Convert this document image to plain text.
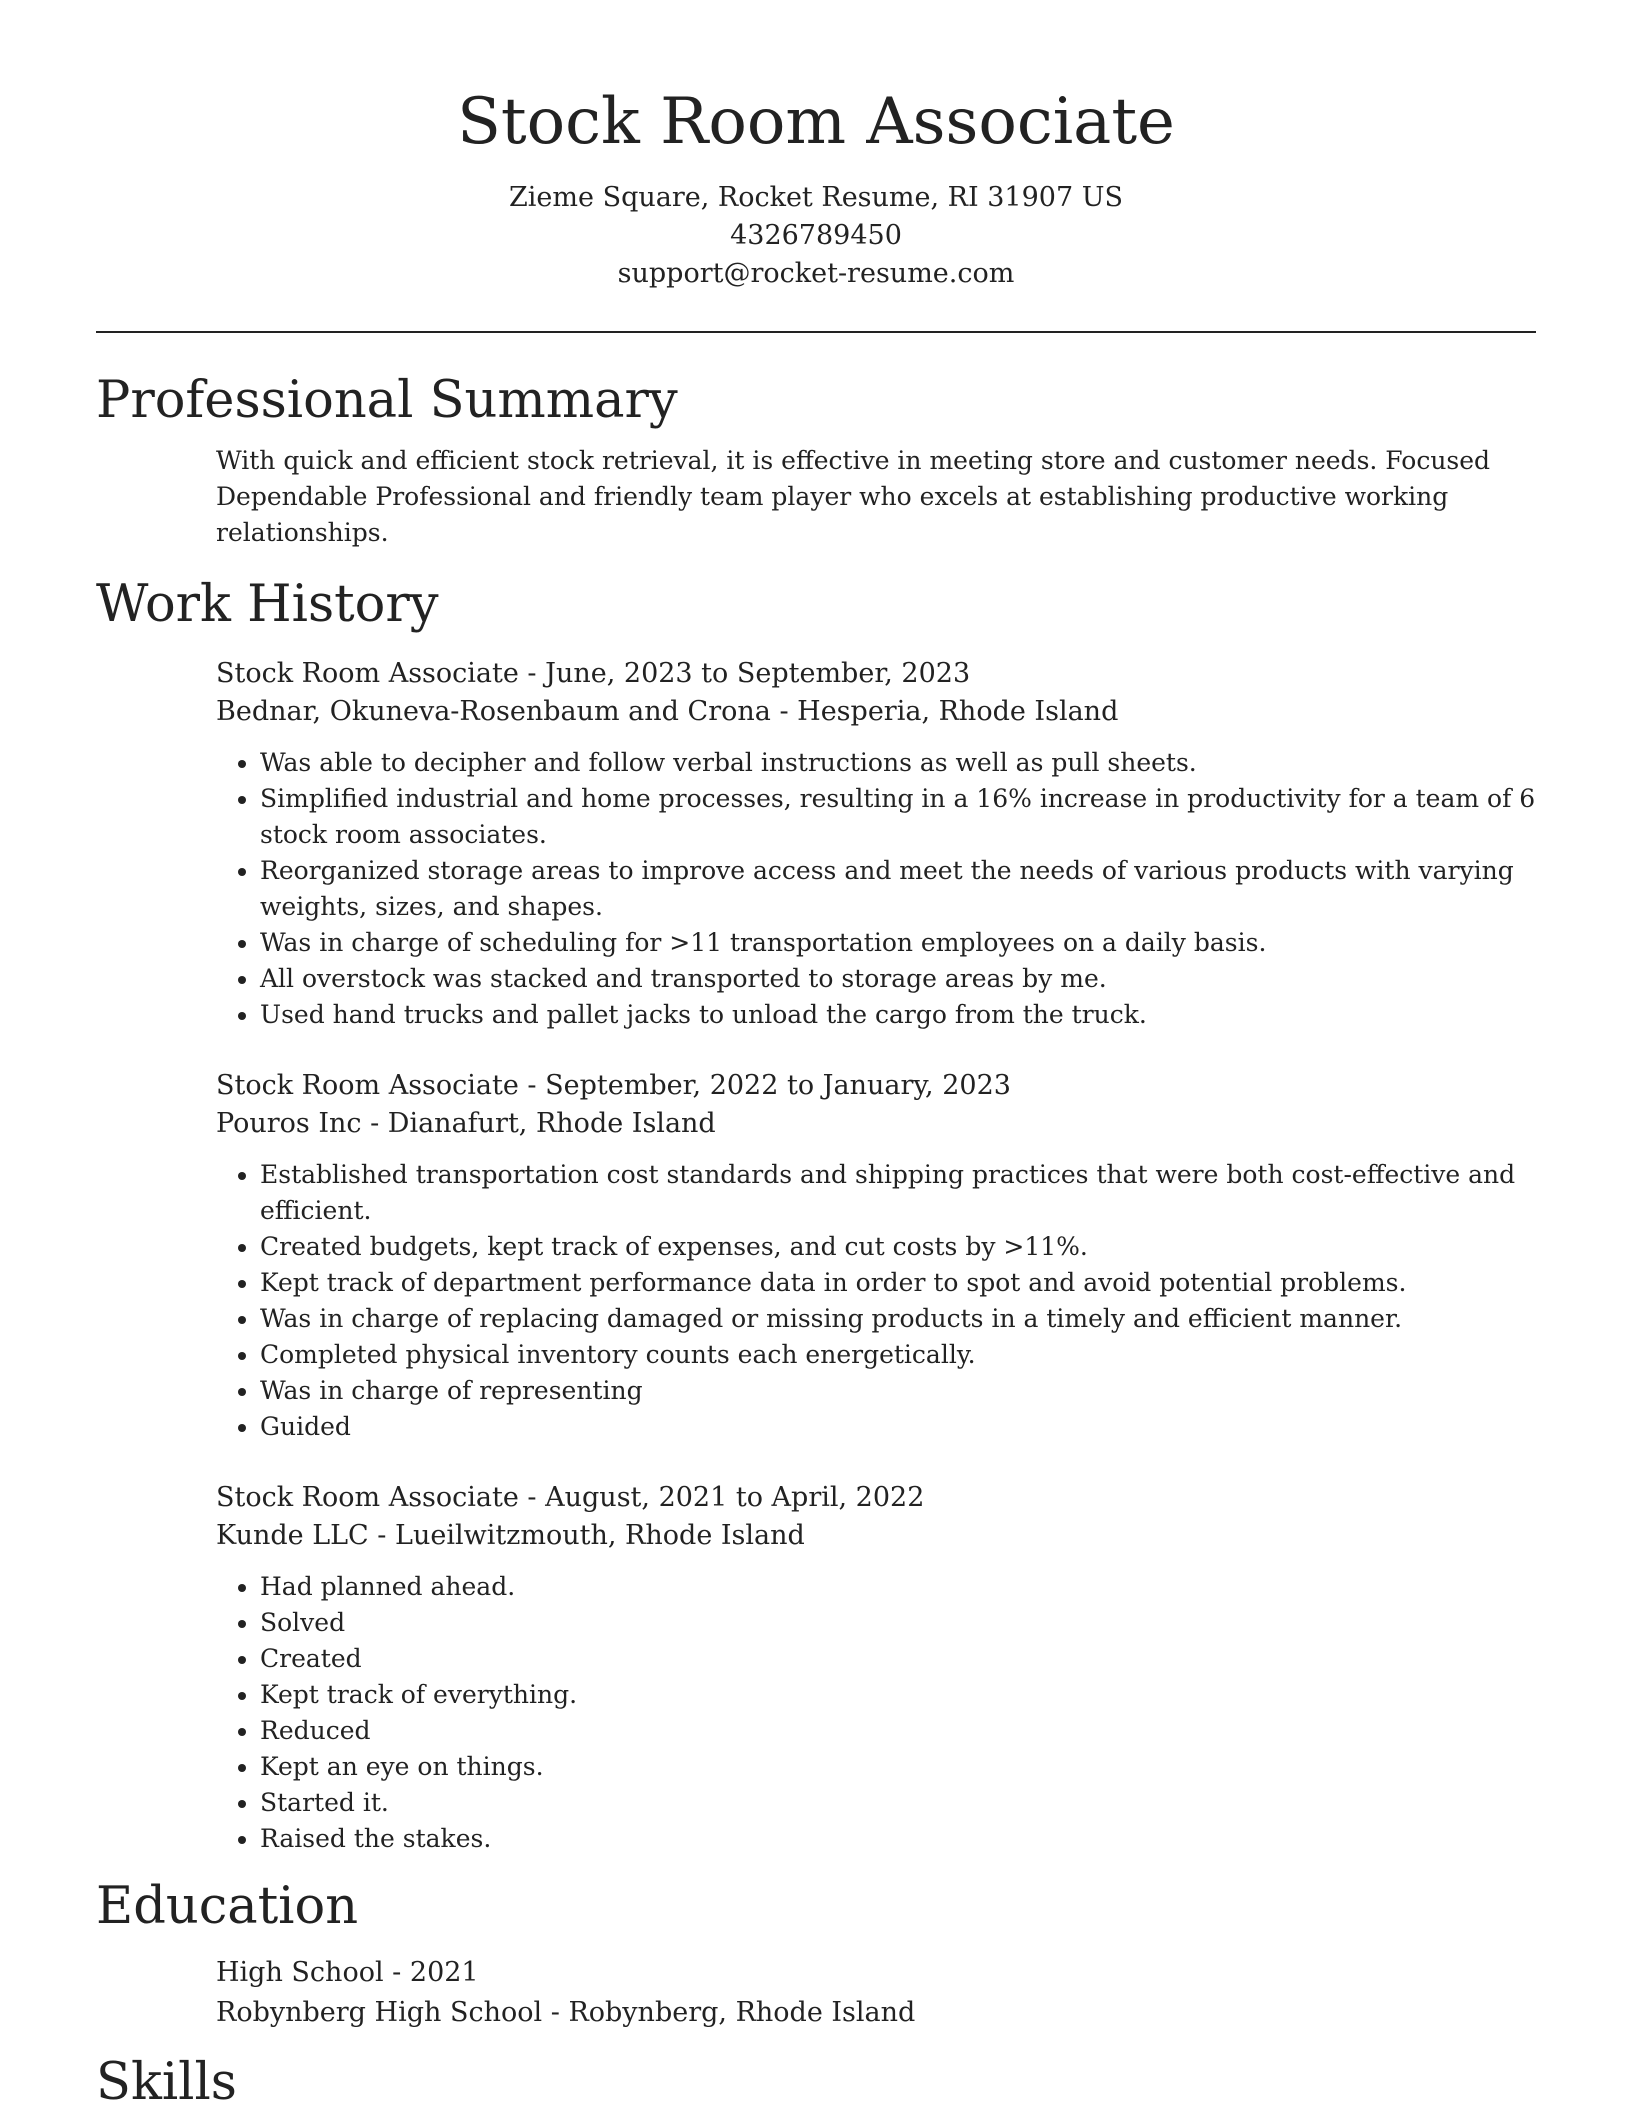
Stock Room Associate
Zieme Square, Rocket Resume, RI 31907 US
4326789450
support@rocket-resume.com
Professional Summary
With quick and efficient stock retrieval, it is effective in meeting store and customer needs. Focused Dependable Professional and friendly team player who excels at establishing productive working relationships.
Work History
Stock Room Associate - June, 2023 to September, 2023
Bednar, Okuneva-Rosenbaum and Crona - Hesperia, Rhode Island
• Was able to decipher and follow verbal instructions as well as pull sheets.
• Simplified industrial and home processes, resulting in a 16% increase in productivity for a team of 6 stock room associates.
• Reorganized storage areas to improve access and meet the needs of various products with varying weights, sizes, and shapes.
• Was in charge of scheduling for >11 transportation employees on a daily basis.
• All overstock was stacked and transported to storage areas by me.
• Used hand trucks and pallet jacks to unload the cargo from the truck.
Stock Room Associate - September, 2022 to January, 2023
Pouros Inc - Dianafurt, Rhode Island
• Established transportation cost standards and shipping practices that were both cost-effective and efficient.
• Created budgets, kept track of expenses, and cut costs by >11%.
• Kept track of department performance data in order to spot and avoid potential problems.
• Was in charge of replacing damaged or missing products in a timely and efficient manner.
• Completed physical inventory counts each energetically.
• Was in charge of representing
• Guided
Stock Room Associate - August, 2021 to April, 2022
Kunde LLC - Lueilwitzmouth, Rhode Island
• Had planned ahead.
• Solved
• Created
• Kept track of everything.
• Reduced
• Kept an eye on things.
• Started it.
• Raised the stakes.
Education
High School - 2021
Robynberg High School - Robynberg, Rhode Island
Skills
